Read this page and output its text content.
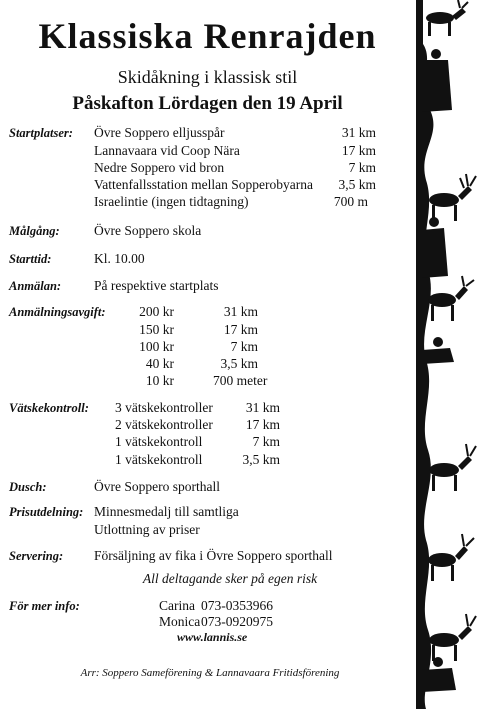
Klassiska Renrajden
Skidåkning i klassisk stil
Påskafton Lördagen den 19 April
Startplatser: Övre Soppero elljusspår	31 km
Lannavaara vid Coop Nära	17 km
Nedre Soppero vid bron	7 km
Vattenfallsstation mellan Sopperobyarna	3,5 km
Israelintie (ingen tidtagning)	700 m
Målgång:	Övre Soppero skola
Starttid:	Kl. 10.00
Anmälan: På respektive startplats
Anmälningsavgift:	200 kr	31 km
150 kr	17 km
100 kr	7 km
40 kr	3,5 km
10 kr	700 meter
Vätskekontroll: 3 vätskekontroller	31 km
2 vätskekontroller	17 km
1 vätskekontroll	7 km
1 vätskekontroll	3,5 km
Dusch:	Övre Soppero sporthall
Prisutdelning: Minnesmedalj till samtliga
Utlottning av priser
Servering: Försäljning av fika i Övre Soppero sporthall
All deltagande sker på egen risk
För mer info:	Carina 073-0353966
Monica 073-0920975
www.lannis.se
Arr: Soppero Sameförening & Lannavaara Fritidsförening
